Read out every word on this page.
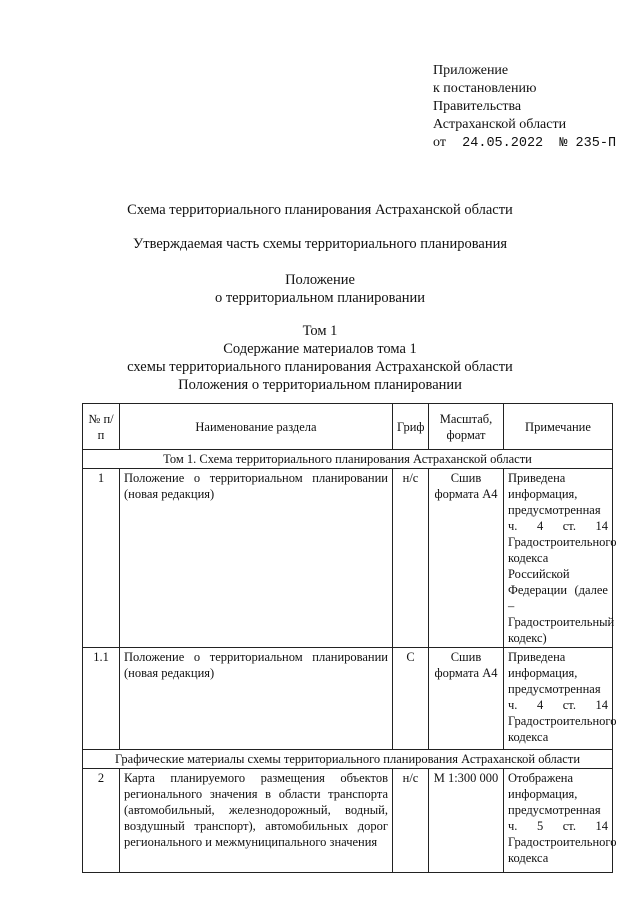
Приложение
к постановлению
Правительства
Астраханской области
от 24.05.2022 № 235-П
Схема территориального планирования Астраханской области
Утверждаемая часть схемы территориального планирования
Положение
о территориальном планировании
Том 1
Содержание материалов тома 1
схемы территориального планирования Астраханской области
Положения о территориальном планировании
№ п/п	Наименование раздела	Гриф	Масштаб, формат	Примечание
Том 1. Схема территориального планирования Астраханской области				
1	Положение о территориальном планировании (новая редакция)	н/с	Сшив формата А4	Приведена информация, предусмотренная ч. 4 ст. 14 Градостроительного кодекса Российской Федерации (далее – Градостроительный кодекс)
1.1	Положение о территориальном планировании (новая редакция)	С	Сшив формата А4	Приведена информация, предусмотренная ч. 4 ст. 14 Градостроительного кодекса
Графические материалы схемы территориального планирования Астраханской области				
2	Карта планируемого размещения объектов регионального значения в области транспорта (автомобильный, железнодорожный, водный, воздушный транспорт), автомобильных дорог регионального и межмуниципального значения	н/с	М 1:300 000	Отображена информация, предусмотренная ч. 5 ст. 14 Градостроительного кодекса
